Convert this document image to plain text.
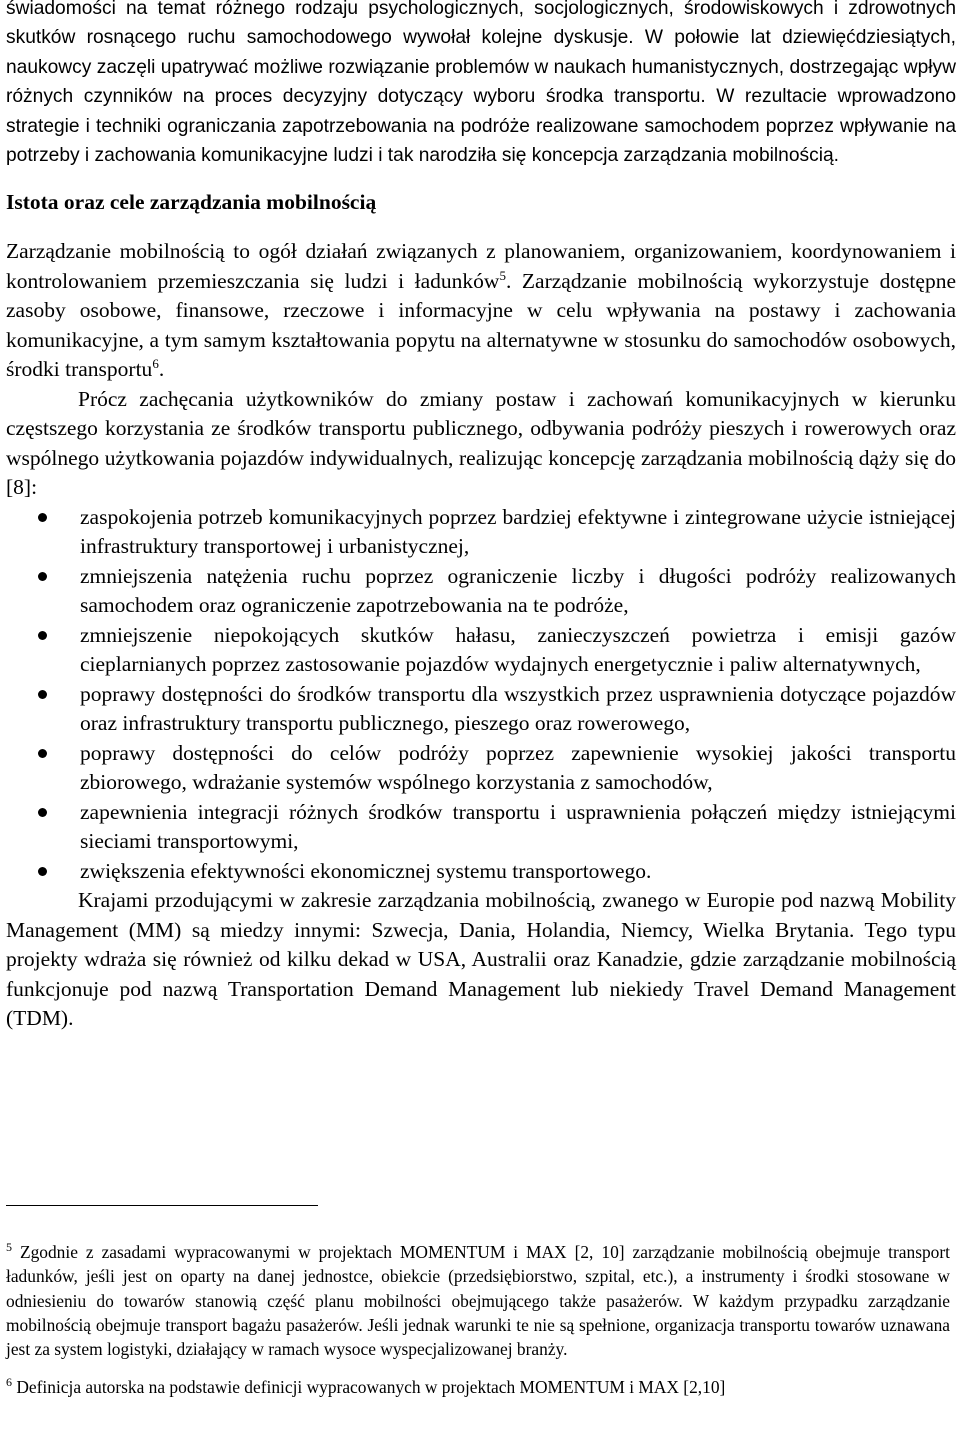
świadomości na temat różnego rodzaju psychologicznych, socjologicznych, środowiskowych i zdrowotnych skutków rosnącego ruchu samochodowego wywołał kolejne dyskusje. W połowie lat dziewięćdziesiątych, naukowcy zaczęli upatrywać możliwe rozwiązanie problemów w naukach humanistycznych, dostrzegając wpływ różnych czynników na proces decyzyjny dotyczący wyboru środka transportu. W rezultacie wprowadzono strategie i techniki ograniczania zapotrzebowania na podróże realizowane samochodem poprzez wpływanie na potrzeby i zachowania komunikacyjne ludzi i tak narodziła się koncepcja zarządzania mobilnością.

Istota oraz cele zarządzania mobilnością

Zarządzanie mobilnością to ogół działań związanych z planowaniem, organizowaniem, koordynowaniem i kontrolowaniem przemieszczania się ludzi i ładunków$^5$. Zarządzanie mobilnością wykorzystuje dostępne zasoby osobowe, finansowe, rzeczowe i informacyjne w celu wpływania na postawy i zachowania komunikacyjne, a tym samym kształtowania popytu na alternatywne w stosunku do samochodów osobowych, środki transportu$^6$.

Prócz zachęcania użytkowników do zmiany postaw i zachowań komunikacyjnych w kierunku częstszego korzystania ze środków transportu publicznego, odbywania podróży pieszych i rowerowych oraz wspólnego użytkowania pojazdów indywidualnych, realizując koncepcję zarządzania mobilnością dąży się do [8]:

zaspokojenia potrzeb komunikacyjnych poprzez bardziej efektywne i zintegrowane użycie istniejącej infrastruktury transportowej i urbanistycznej,
zmniejszenia natężenia ruchu poprzez ograniczenie liczby i długości podróży realizowanych samochodem oraz ograniczenie zapotrzebowania na te podróże,
zmniejszenie niepokojących skutków hałasu, zanieczyszczeń powietrza i emisji gazów cieplarnianych poprzez zastosowanie pojazdów wydajnych energetycznie i paliw alternatywnych,
poprawy dostępności do środków transportu dla wszystkich przez usprawnienia dotyczące pojazdów oraz infrastruktury transportu publicznego, pieszego oraz rowerowego,
poprawy dostępności do celów podróży poprzez zapewnienie wysokiej jakości transportu zbiorowego, wdrażanie systemów wspólnego korzystania z samochodów,
zapewnienia integracji różnych środków transportu i usprawnienia połączeń między istniejącymi sieciami transportowymi,
zwiększenia efektywności ekonomicznej systemu transportowego.

Krajami przodującymi w zakresie zarządzania mobilnością, zwanego w Europie pod nazwą Mobility Management (MM) są miedzy innymi: Szwecja, Dania, Holandia, Niemcy, Wielka Brytania. Tego typu projekty wdraża się również od kilku dekad w USA, Australii oraz Kanadzie, gdzie zarządzanie mobilnością funkcjonuje pod nazwą Transportation Demand Management lub niekiedy Travel Demand Management (TDM).

$^5$ Zgodnie z zasadami wypracowanymi w projektach MOMENTUM i MAX [2, 10] zarządzanie mobilnością obejmuje transport ładunków, jeśli jest on oparty na danej jednostce, obiekcie (przedsiębiorstwo, szpital, etc.), a instrumenty i środki stosowane w odniesieniu do towarów stanowią część planu mobilności obejmującego także pasażerów. W każdym przypadku zarządzanie mobilnością obejmuje transport bagażu pasażerów. Jeśli jednak warunki te nie są spełnione, organizacja transportu towarów uznawana jest za system logistyki, działający w ramach wysoce wyspecjalizowanej branży.

$^6$ Definicja autorska na podstawie definicji wypracowanych w projektach MOMENTUM i MAX [2,10]
